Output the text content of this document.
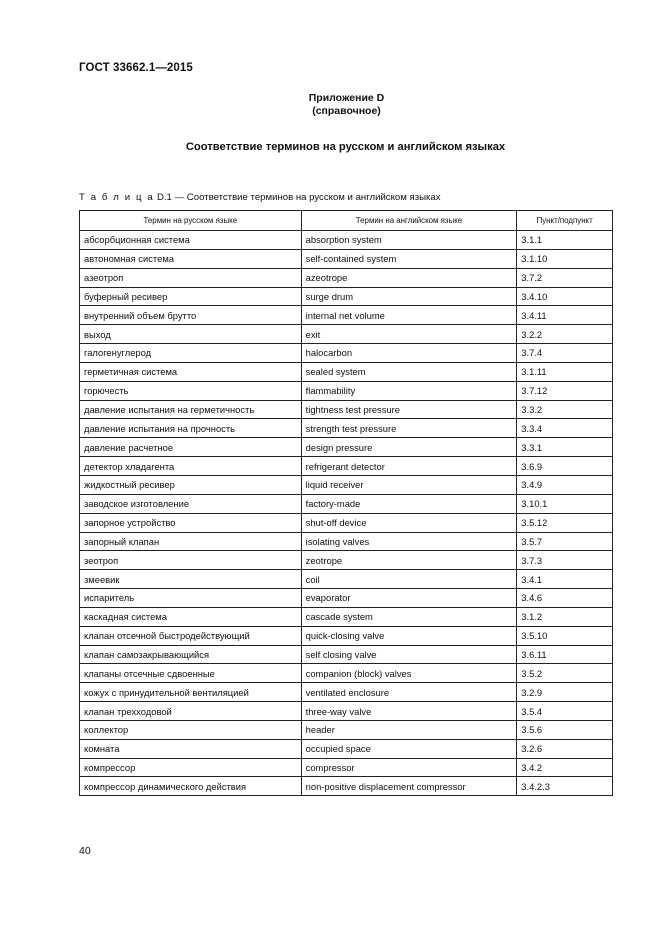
ГОСТ 33662.1—2015
Приложение D
(справочное)
Соответствие терминов на русском и английском языках
Т а б л и ц а D.1 — Соответствие терминов на русском и английском языках
Термин на русском языке	Термин на английском языке	Пункт/подпункт
абсорбционная система	absorption system	3.1.1
автономная система	self-contained system	3.1.10
азеотроп	azeotrope	3.7.2
буферный ресивер	surge drum	3.4.10
внутренний объем брутто	internal net volume	3.4.11
выход	exit	3.2.2
галогенуглерод	halocarbon	3.7.4
герметичная система	sealed system	3.1.11
горючесть	flammability	3.7.12
давление испытания на герметичность	tightness test pressure	3.3.2
давление испытания на прочность	strength test pressure	3.3.4
давление расчетное	design pressure	3.3.1
детектор хладагента	refrigerant detector	3.6.9
жидкостный ресивер	liquid receiver	3.4.9
заводское изготовление	factory-made	3.10.1
запорное устройство	shut-off device	3.5.12
запорный клапан	isolating valves	3.5.7
зеотроп	zeotrope	3.7.3
змеевик	coil	3.4.1
испаритель	evaporator	3.4.6
каскадная система	cascade system	3.1.2
клапан отсечной быстродействующий	quick-closing valve	3.5.10
клапан самозакрывающийся	self closing valve	3.6.11
клапаны отсечные сдвоенные	companion (block) valves	3.5.2
кожух с принудительной вентиляцией	ventilated enclosure	3.2.9
клапан трехходовой	three-way valve	3.5.4
коллектор	header	3.5.6
комната	occupied space	3.2.6
компрессор	compressor	3.4.2
компрессор динамического действия	non-positive displacement compressor	3.4.2.3
40
